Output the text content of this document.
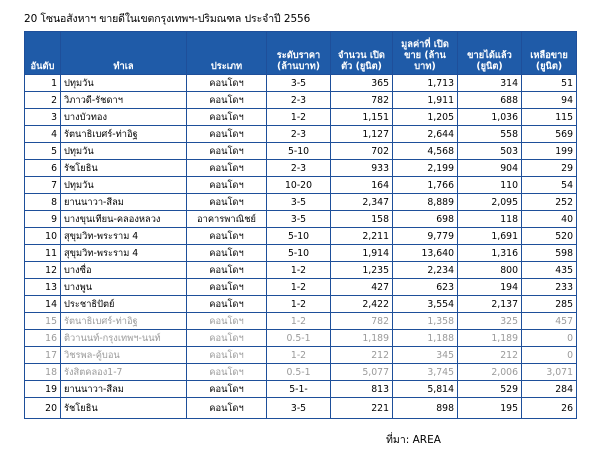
20 โซนอสังหาฯ ขายดีในเขตกรุงเทพฯ-ปริมณฑล ประจำปี 2556
อันดับ	ทำเล	ประเภท	ระดับราคา (ล้านบาท)	จำนวน เปิดตัว (ยูนิต)	มูลค่าที่ เปิดขาย (ล้านบาท)	ขายได้แล้ว (ยูนิต)	เหลือขาย (ยูนิต)
1	ปทุมวัน	คอนโดฯ	3-5	365	1,713	314	51
2	วิภาวดี-รัชดาฯ	คอนโดฯ	2-3	782	1,911	688	94
3	บางบัวทอง	คอนโดฯ	1-2	1,151	1,205	1,036	115
4	รัตนาธิเบศร์-ท่าอิฐ	คอนโดฯ	2-3	1,127	2,644	558	569
5	ปทุมวัน	คอนโดฯ	5-10	702	4,568	503	199
6	รัชโยธิน	คอนโดฯ	2-3	933	2,199	904	29
7	ปทุมวัน	คอนโดฯ	10-20	164	1,766	110	54
8	ยานนาวา-สีลม	คอนโดฯ	3-5	2,347	8,889	2,095	252
9	บางขุนเทียน-คลองหลวง	อาคารพาณิชย์	3-5	158	698	118	40
10	สุขุมวิท-พระราม 4	คอนโดฯ	5-10	2,211	9,779	1,691	520
11	สุขุมวิท-พระราม 4	คอนโดฯ	5-10	1,914	13,640	1,316	598
12	บางซื่อ	คอนโดฯ	1-2	1,235	2,234	800	435
13	บางพูน	คอนโดฯ	1-2	427	623	194	233
14	ประชาธิปัตย์	คอนโดฯ	1-2	2,422	3,554	2,137	285
15	รัตนาธิเบศร์-ท่าอิฐ	คอนโดฯ	1-2	782	1,358	325	457
16	ติวานนท์-กรุงเทพฯ-นนท์	คอนโดฯ	0.5-1	1,189	1,188	1,189	0
17	วิชรพล-คู้บอน	คอนโดฯ	1-2	212	345	212	0
18	รังสิตคลอง1-7	คอนโดฯ	0.5-1	5,077	3,745	2,006	3,071
19	ยานนาวา-สีลม	คอนโดฯ	5-1-	813	5,814	529	284
20	รัชโยธิน	คอนโดฯ	3-5	221	898	195	26
ที่มา: AREA
